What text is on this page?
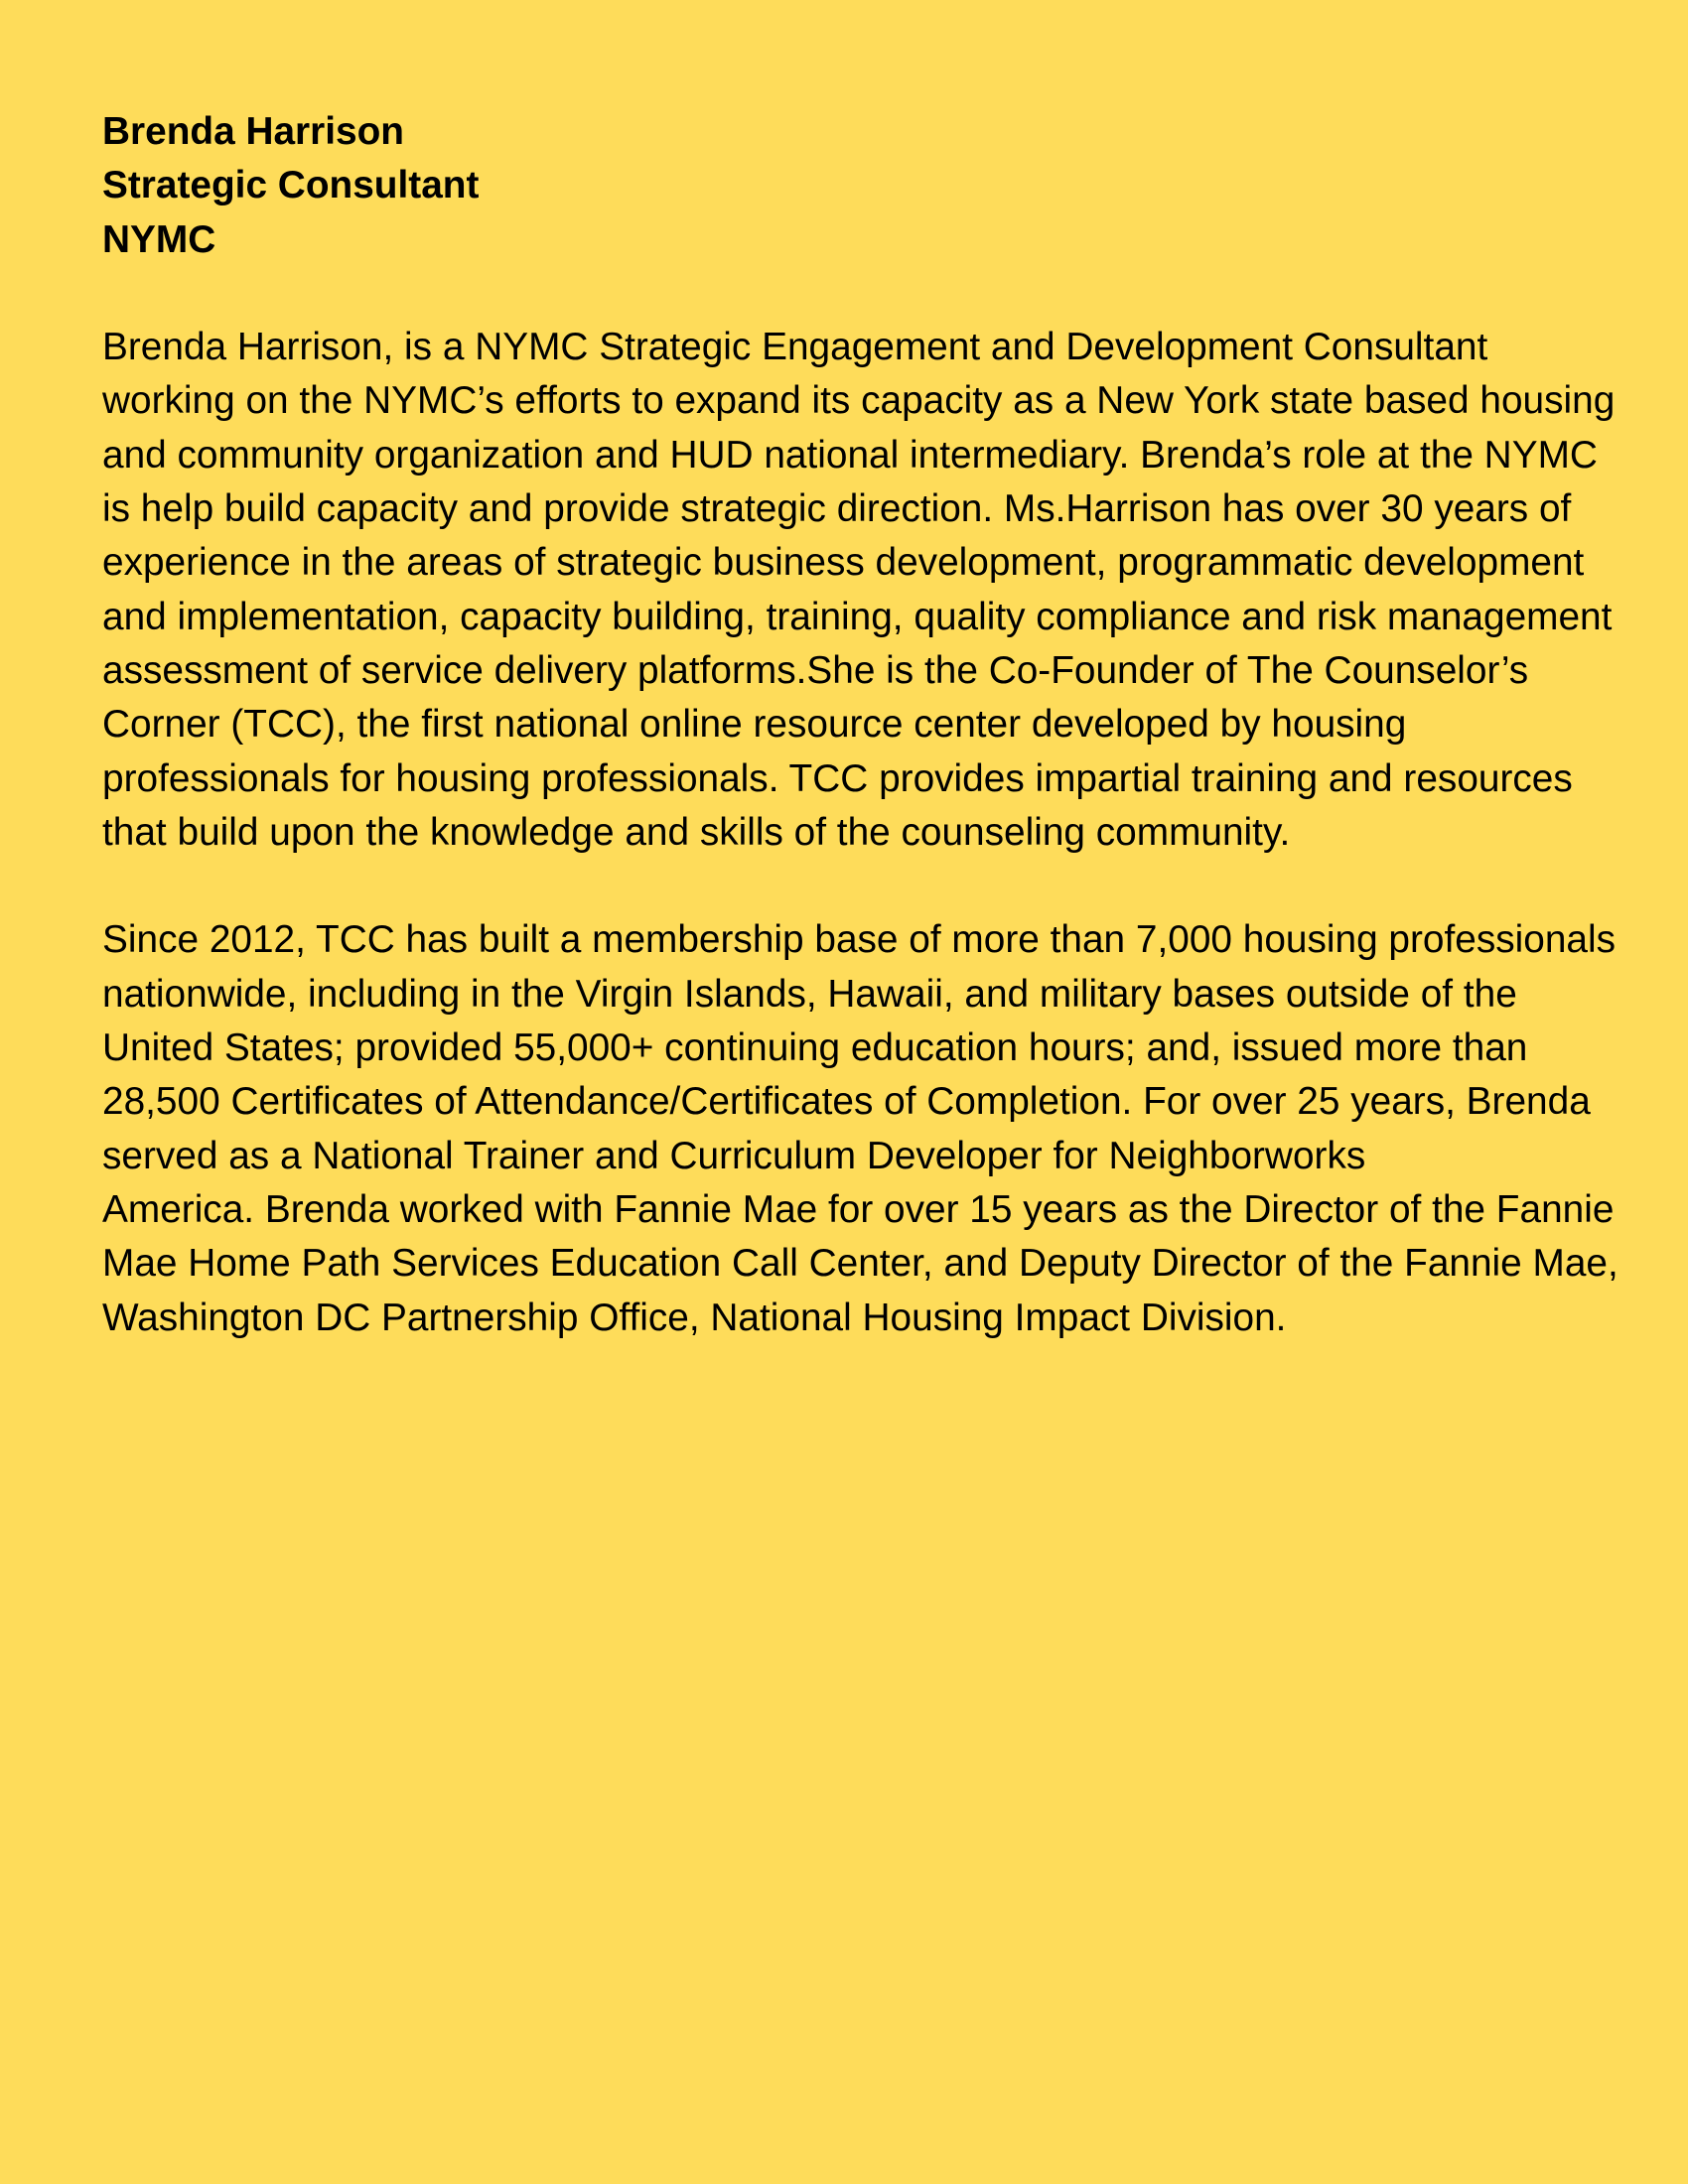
Brenda Harrison
Strategic Consultant
NYMC
Brenda Harrison, is a NYMC Strategic Engagement and Development Consultant
working on the NYMC’s efforts to expand its capacity as a New York state based housing
and community organization and HUD national intermediary. Brenda’s role at the NYMC
is help build capacity and provide strategic direction. Ms.Harrison has over 30 years of
experience in the areas of strategic business development, programmatic development
and implementation, capacity building, training, quality compliance and risk management
assessment of service delivery platforms.She is the Co-Founder of The Counselor’s
Corner (TCC), the first national online resource center developed by housing
professionals for housing professionals. TCC provides impartial training and resources
that build upon the knowledge and skills of the counseling community.
Since 2012, TCC has built a membership base of more than 7,000 housing professionals
nationwide, including in the Virgin Islands, Hawaii, and military bases outside of the
United States; provided 55,000+ continuing education hours; and, issued more than
28,500 Certificates of Attendance/Certificates of Completion. For over 25 years, Brenda
served as a National Trainer and Curriculum Developer for Neighborworks
America. Brenda worked with Fannie Mae for over 15 years as the Director of the Fannie
Mae Home Path Services Education Call Center, and Deputy Director of the Fannie Mae,
Washington DC Partnership Office, National Housing Impact Division.
